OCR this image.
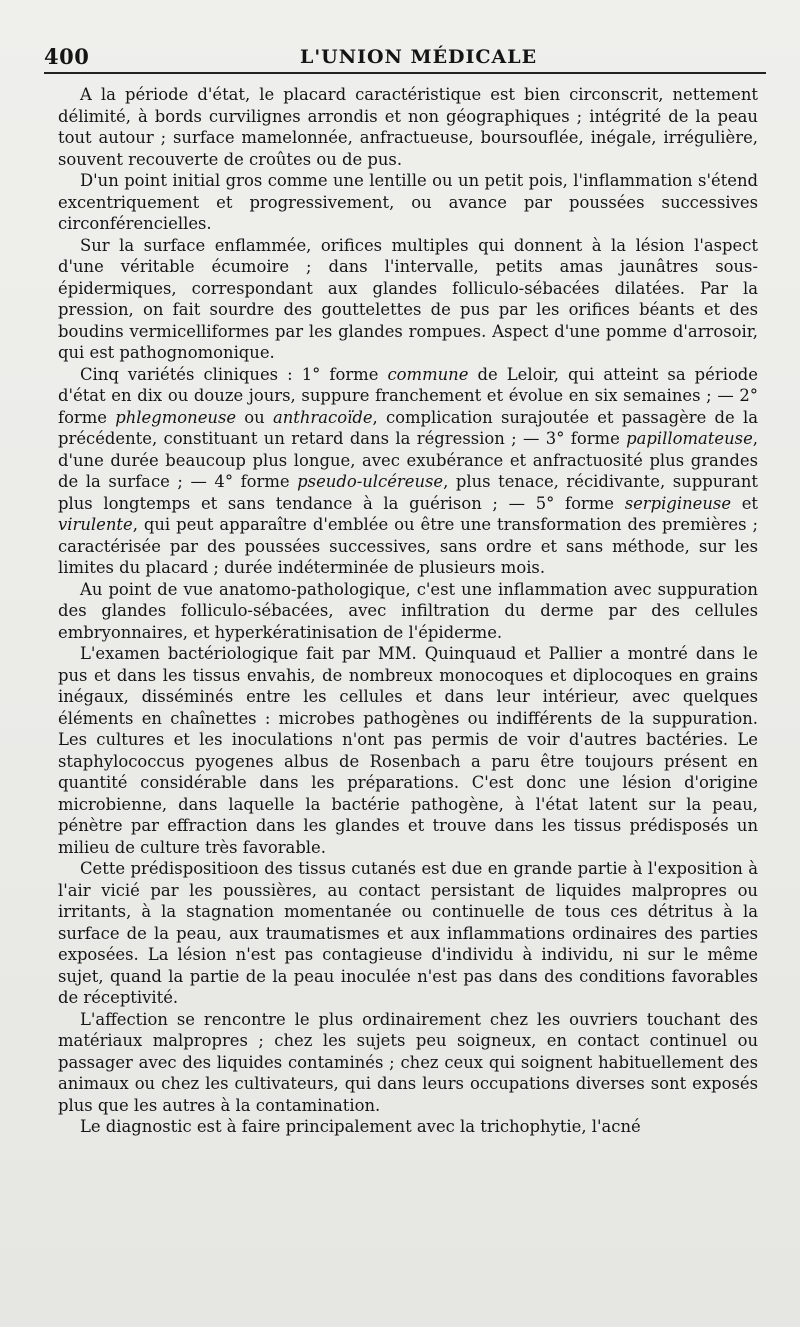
400	L'UNION MÉDICALE

A la période d'état, le placard caractéristique est bien circonscrit, nettement délimité, à bords curvilignes arrondis et non géographiques ; intégrité de la peau tout autour ; surface mamelonnée, anfractueuse, boursouflée, inégale, irrégulière, souvent recouverte de croûtes ou de pus.

D'un point initial gros comme une lentille ou un petit pois, l'inflammation s'étend excentriquement et progressivement, ou avance par poussées successives circonférencielles.

Sur la surface enflammée, orifices multiples qui donnent à la lésion l'aspect d'une véritable écumoire ; dans l'intervalle, petits amas jaunâtres sous-épidermiques, correspondant aux glandes folliculo-sébacées dilatées. Par la pression, on fait sourdre des gouttelettes de pus par les orifices béants et des boudins vermicelliformes par les glandes rompues. Aspect d'une pomme d'arrosoir, qui est pathognomonique.

Cinq variétés cliniques : 1° forme commune de Leloir, qui atteint sa période d'état en dix ou douze jours, suppure franchement et évolue en six semaines ; — 2° forme phlegmoneuse ou anthracoïde, complication surajoutée et passagère de la précédente, constituant un retard dans la régression ; — 3° forme papillomateuse, d'une durée beaucoup plus longue, avec exubérance et anfractuosité plus grandes de la surface ; — 4° forme pseudo-ulcéreuse, plus tenace, récidivante, suppurant plus longtemps et sans tendance à la guérison ; — 5° forme serpigineuse et virulente, qui peut apparaître d'emblée ou être une transformation des premières ; caractérisée par des poussées successives, sans ordre et sans méthode, sur les limites du placard ; durée indéterminée de plusieurs mois.

Au point de vue anatomo-pathologique, c'est une inflammation avec suppuration des glandes folliculo-sébacées, avec infiltration du derme par des cellules embryonnaires, et hyperkératinisation de l'épiderme.

L'examen bactériologique fait par MM. Quinquaud et Pallier a montré dans le pus et dans les tissus envahis, de nombreux monocoques et diplocoques en grains inégaux, disséminés entre les cellules et dans leur intérieur, avec quelques éléments en chaînettes : microbes pathogènes ou indifférents de la suppuration. Les cultures et les inoculations n'ont pas permis de voir d'autres bactéries. Le staphylococcus pyogenes albus de Rosenbach a paru être toujours présent en quantité considérable dans les préparations. C'est donc une lésion d'origine microbienne, dans laquelle la bactérie pathogène, à l'état latent sur la peau, pénètre par effraction dans les glandes et trouve dans les tissus prédisposés un milieu de culture très favorable.

Cette prédispositioon des tissus cutanés est due en grande partie à l'exposition à l'air vicié par les poussières, au contact persistant de liquides malpropres ou irritants, à la stagnation momentanée ou continuelle de tous ces détritus à la surface de la peau, aux traumatismes et aux inflammations ordinaires des parties exposées. La lésion n'est pas contagieuse d'individu à individu, ni sur le même sujet, quand la partie de la peau inoculée n'est pas dans des conditions favorables de réceptivité.

L'affection se rencontre le plus ordinairement chez les ouvriers touchant des matériaux malpropres ; chez les sujets peu soigneux, en contact continuel ou passager avec des liquides contaminés ; chez ceux qui soignent habituellement des animaux ou chez les cultivateurs, qui dans leurs occupations diverses sont exposés plus que les autres à la contamination.

Le diagnostic est à faire principalement avec la trichophytie, l'acné
